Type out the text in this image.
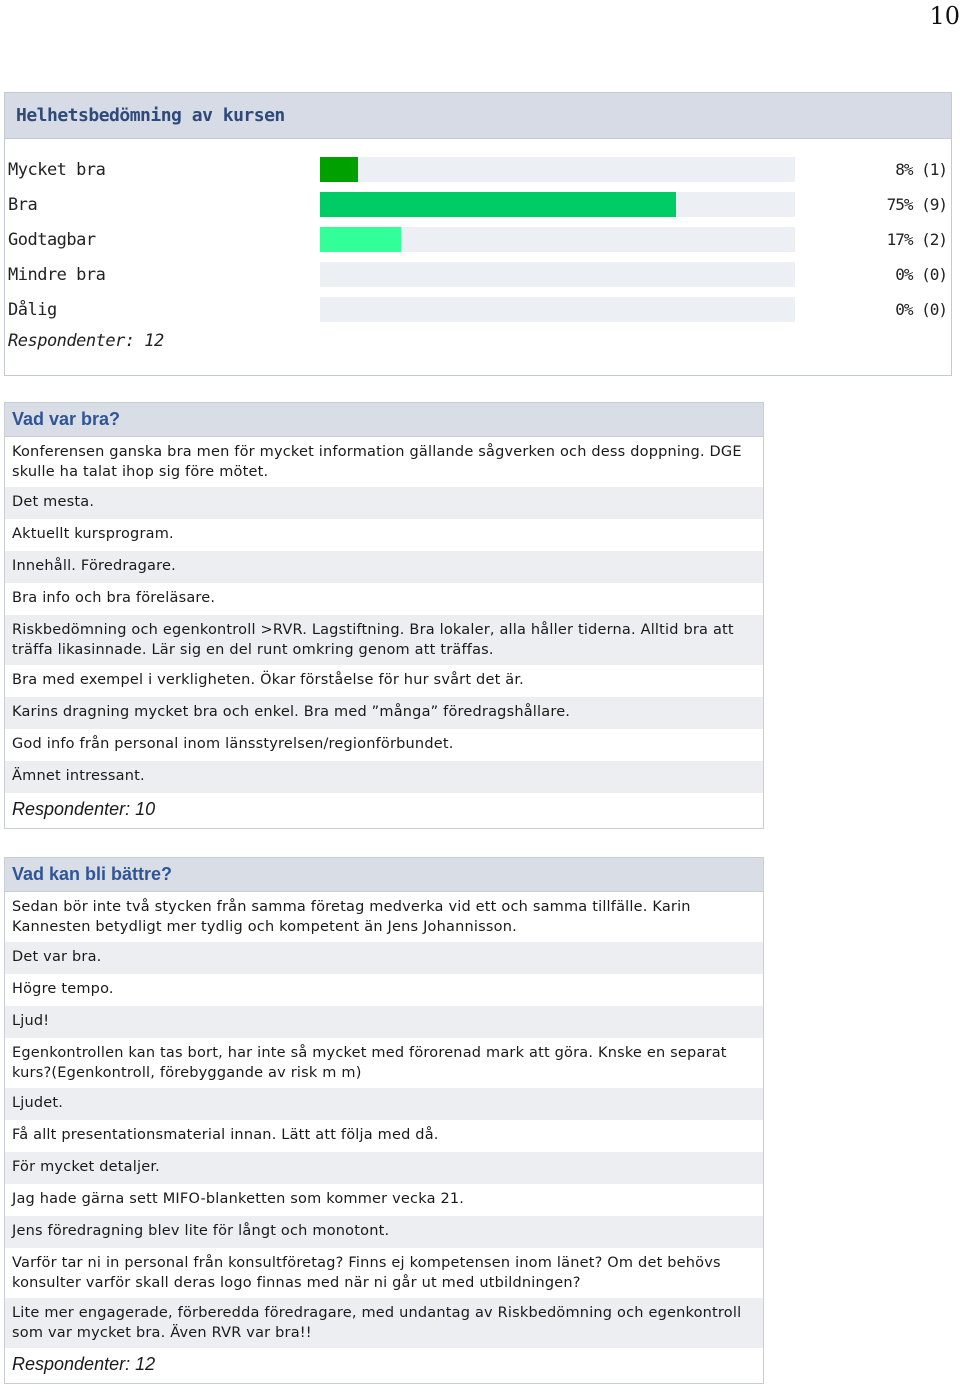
10
Helhetsbedömning av kursen
Mycket bra	8% (1)
Bra	75% (9)
Godtagbar	17% (2)
Mindre bra	0% (0)
Dålig	0% (0)
Respondenter: 12
Vad var bra?
Konferensen ganska bra men för mycket information gällande sågverken och dess doppning. DGE skulle ha talat ihop sig före mötet.
Det mesta.
Aktuellt kursprogram.
Innehåll. Föredragare.
Bra info och bra föreläsare.
Riskbedömning och egenkontroll >RVR. Lagstiftning. Bra lokaler, alla håller tiderna. Alltid bra att träffa likasinnade. Lär sig en del runt omkring genom att träffas.
Bra med exempel i verkligheten. Ökar förståelse för hur svårt det är.
Karins dragning mycket bra och enkel. Bra med ”många” föredragshållare.
God info från personal inom länsstyrelsen/regionförbundet.
Ämnet intressant.
Respondenter: 10
Vad kan bli bättre?
Sedan bör inte två stycken från samma företag medverka vid ett och samma tillfälle. Karin Kannesten betydligt mer tydlig och kompetent än Jens Johannisson.
Det var bra.
Högre tempo.
Ljud!
Egenkontrollen kan tas bort, har inte så mycket med förorenad mark att göra. Knske en separat kurs?(Egenkontroll, förebyggande av risk m m)
Ljudet.
Få allt presentationsmaterial innan. Lätt att följa med då.
För mycket detaljer.
Jag hade gärna sett MIFO-blanketten som kommer vecka 21.
Jens föredragning blev lite för långt och monotont.
Varför tar ni in personal från konsultföretag? Finns ej kompetensen inom länet? Om det behövs konsulter varför skall deras logo finnas med när ni går ut med utbildningen?
Lite mer engagerade, förberedda föredragare, med undantag av Riskbedömning och egenkontroll som var mycket bra. Även RVR var bra!!
Respondenter: 12
